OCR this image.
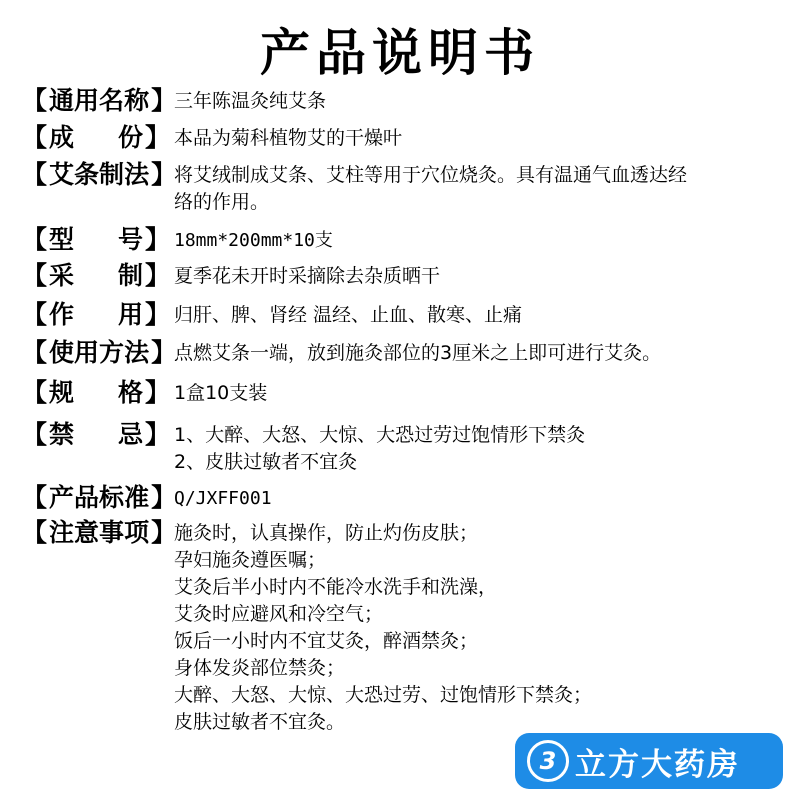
产品说明书
【 通 用 名 称 】
三年陈温灸纯艾条
【 成 份 】 本品为菊科植物艾的干燥叶
【 艾 条 制 法 】
将艾绒制成艾条、艾柱等用于穴位烧灸。具有温通气血透达经
络的作用。
【 型 号 】 18mm*200mm*10支
【 采 制 】 夏季花未开时采摘除去杂质晒干
【 作 用 】 归肝、脾、肾经 温经、止血、散寒、止痛
【 使 用 方 法 】
点燃艾条一端，放到施灸部位的3厘米之上即可进行艾灸。
【 规 格 】 1盒10支装
【 禁 忌 】 1、大醉、大怒、大惊、大恐过劳过饱情形下禁灸
2、皮肤过敏者不宜灸
【 产 品 标 准 】
Q/JXFF001
【 注 意 事 项 】
施灸时，认真操作，防止灼伤皮肤；
孕妇施灸遵医嘱；
艾灸后半小时内不能冷水洗手和洗澡，
艾灸时应避风和冷空气；
饭后一小时内不宜艾灸，醉酒禁灸；
身体发炎部位禁灸；
大醉、大怒、大惊、大恐过劳、过饱情形下禁灸；
皮肤过敏者不宜灸。
3 立方大药房
